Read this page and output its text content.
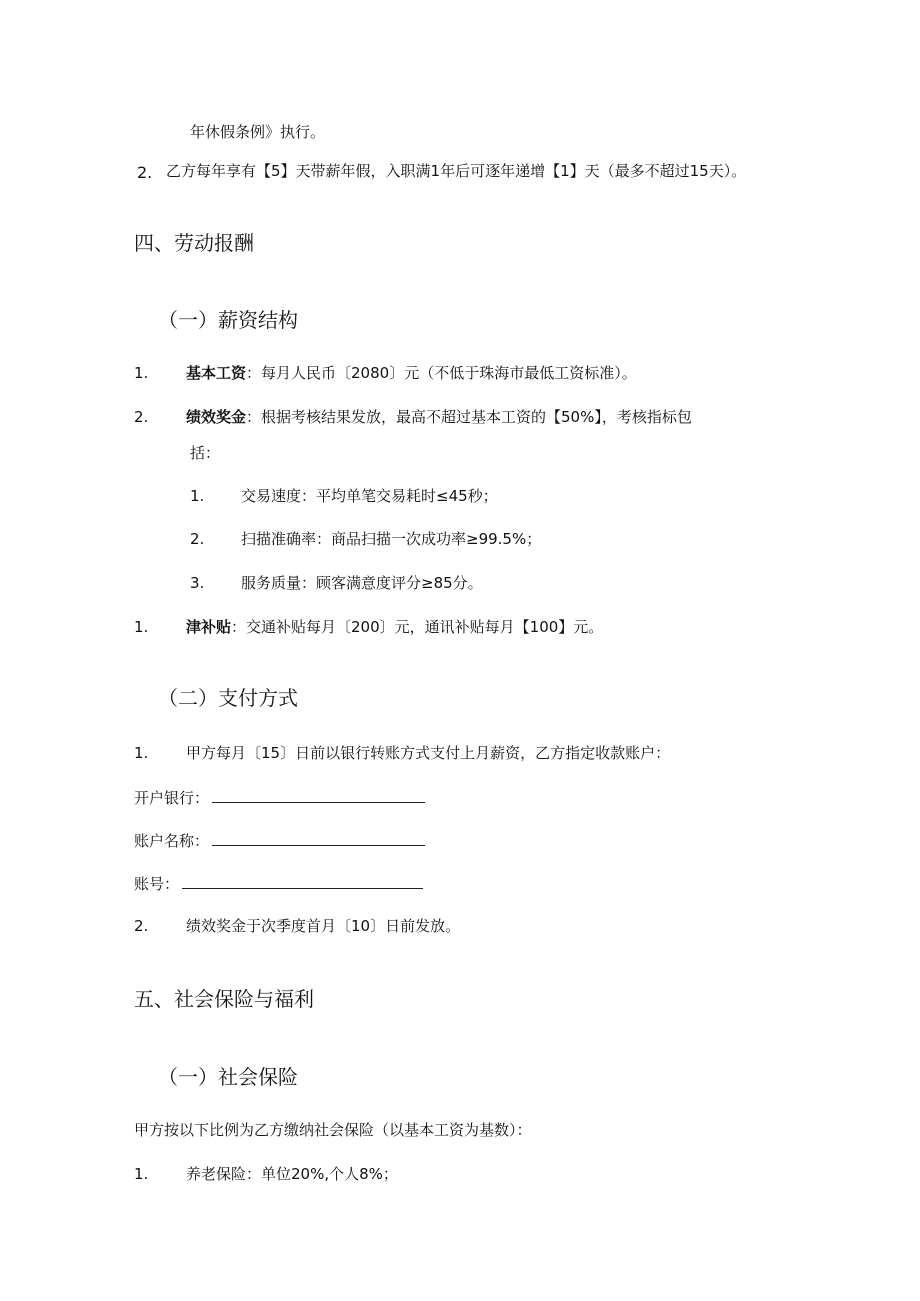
年休假条例》执行。
2. 乙方每年享有【5】天带薪年假，入职满1年后可逐年递增【1】天（最多不超过15天）。
四、劳动报酬
（一）薪资结构
1.	基本工资：每月人民币〔2080〕元（不低于珠海市最低工资标准）。
2.	绩效奖金：根据考核结果发放，最高不超过基本工资的【50%】，考核指标包
括：
1. 交易速度：平均单笔交易耗时≤45秒；
2. 扫描准确率：商品扫描一次成功率≥99.5%；
3. 服务质量：顾客满意度评分≥85分。
1.	津补贴：交通补贴每月〔200〕元，通讯补贴每月【100】元。
（二）支付方式
1.	甲方每月〔15〕日前以银行转账方式支付上月薪资，乙方指定收款账户：
开户银行：
账户名称：
账号：
2.	绩效奖金于次季度首月〔10〕日前发放。
五、社会保险与福利
（一）社会保险
甲方按以下比例为乙方缴纳社会保险（以基本工资为基数）：
1.	养老保险：单位20%,个人8%；
